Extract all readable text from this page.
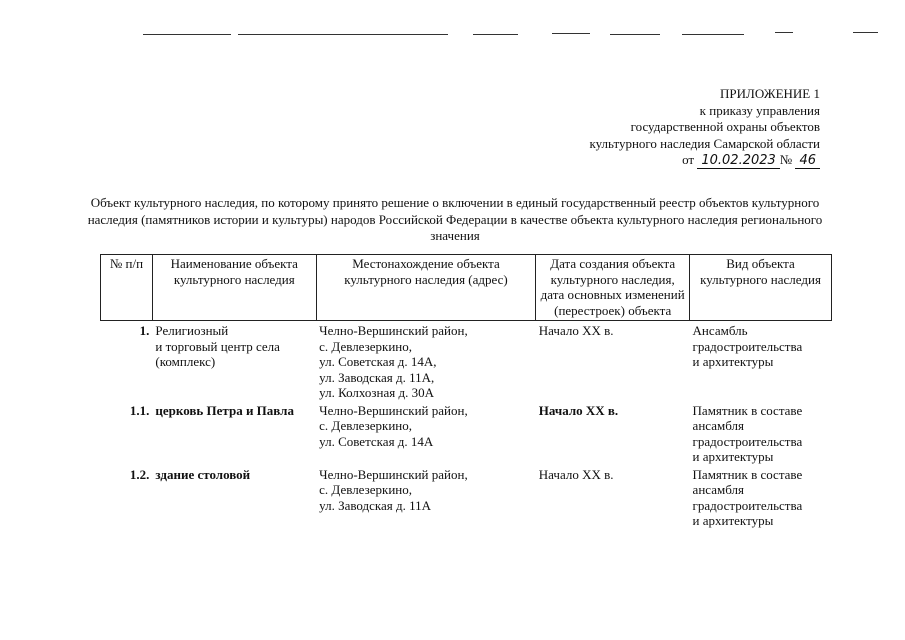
ПРИЛОЖЕНИЕ 1
к приказу управления
государственной охраны объектов
культурного наследия Самарской области
от 10.02.2023 № 46
Объект культурного наследия, по которому принято решение о включении в единый государственный реестр объектов культурного наследия (памятников истории и культуры) народов Российской Федерации в качестве объекта культурного наследия регионального значения
№ п/п	Наименование объекта культурного наследия	Местонахождение объекта культурного наследия (адрес)	Дата создания объекта культурного наследия, дата основных изменений (перестроек) объекта	Вид объекта культурного наследия
1.	Религиозный
и торговый центр села
(комплекс)	Челно-Вершинский район,
с. Девлезеркино,
ул. Советская д. 14А,
ул. Заводская д. 11А,
ул. Колхозная д. 30А	Начало XX в.	Ансамбль
градостроительства
и архитектуры
1.1.	церковь Петра и Павла	Челно-Вершинский район,
с. Девлезеркино,
ул. Советская д. 14А	Начало XX в.	Памятник в составе
ансамбля
градостроительства
и архитектуры
1.2.	здание столовой	Челно-Вершинский район,
с. Девлезеркино,
ул. Заводская д. 11А	Начало XX в.	Памятник в составе
ансамбля
градостроительства
и архитектуры
